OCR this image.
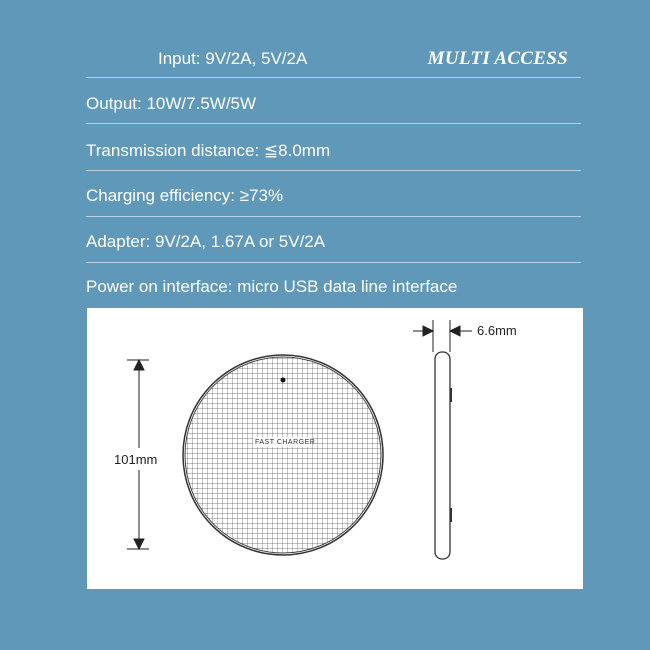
MULTI ACCESS
Input: 9V/2A, 5V/2A
Output: 10W/7.5W/5W
Transmission distance: ≦8.0mm
Charging efficiency: ≥73%
Adapter: 9V/2A, 1.67A or 5V/2A
Power on interface: micro USB data line interface
FAST CHARGER
101mm
6.6mm
